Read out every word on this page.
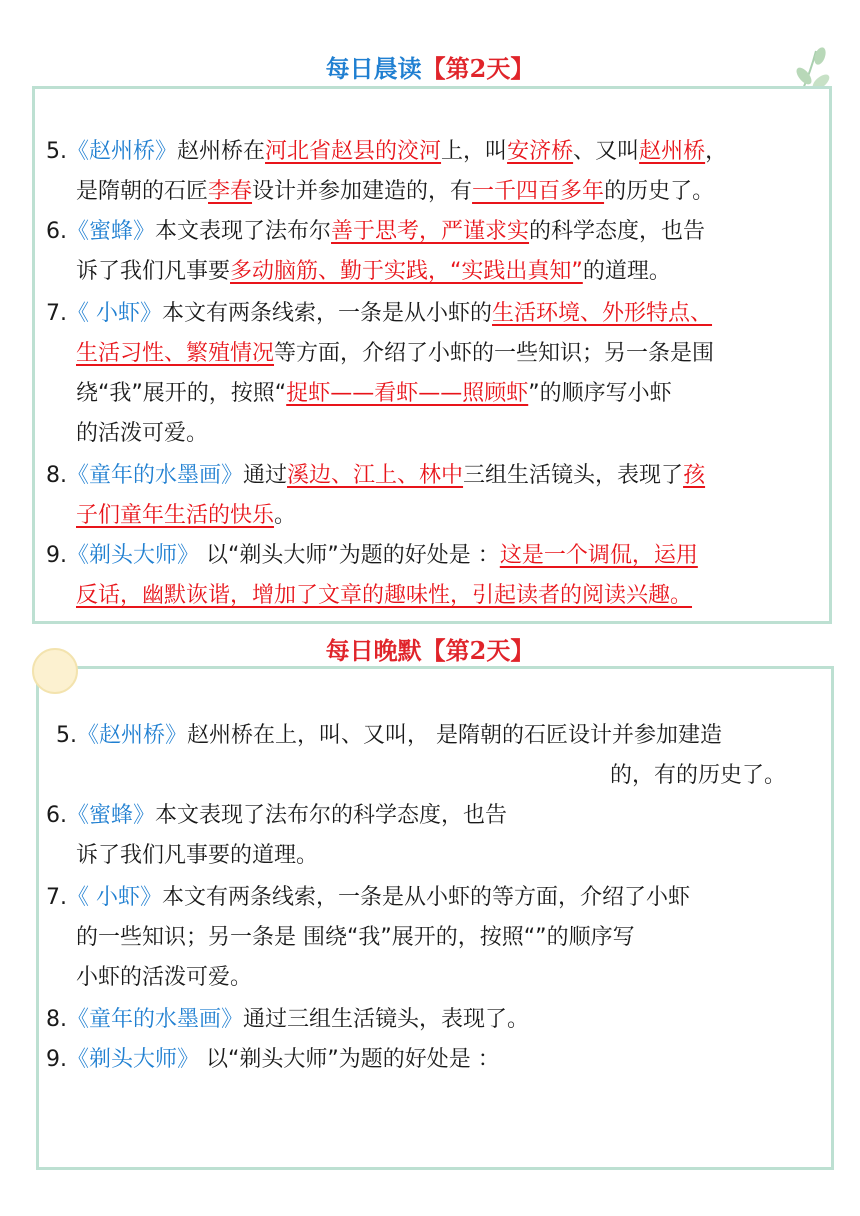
每日晨读【第2天】
5.《赵州桥》赵州桥在河北省赵县的洨河上，叫安济桥、又叫赵州桥，
是隋朝的石匠李春设计并参加建造的，有一千四百多年的历史了。
6.《蜜蜂》本文表现了法布尔善于思考，严谨求实的科学态度，也告
诉了我们凡事要多动脑筋、勤于实践，“实践出真知”的道理。
7.《 小虾》本文有两条线索，一条是从小虾的生活环境、外形特点、
生活习性、繁殖情况等方面，介绍了小虾的一些知识；另一条是围
绕“我”展开的，按照“捉虾——看虾——照顾虾”的顺序写小虾
的活泼可爱。
8.《童年的水墨画》通过溪边、江上、林中三组生活镜头，表现了孩
子们童年生活的快乐。
9.《剃头大师》 以“剃头大师”为题的好处是 ：这是一个调侃，运用
反话，幽默诙谐，增加了文章的趣味性，引起读者的阅读兴趣。
每日晚默【第2天】
5.《赵州桥》赵州桥在上，叫、又叫， 是隋朝的石匠设计并参加建造
的，有的历史了。
6.《蜜蜂》本文表现了法布尔的科学态度，也告
诉了我们凡事要的道理。
7.《 小虾》本文有两条线索，一条是从小虾的等方面，介绍了小虾
的一些知识；另一条是 围绕“我”展开的，按照“”的顺序写
小虾的活泼可爱。
8.《童年的水墨画》通过三组生活镜头，表现了。
9.《剃头大师》 以“剃头大师”为题的好处是 ：
